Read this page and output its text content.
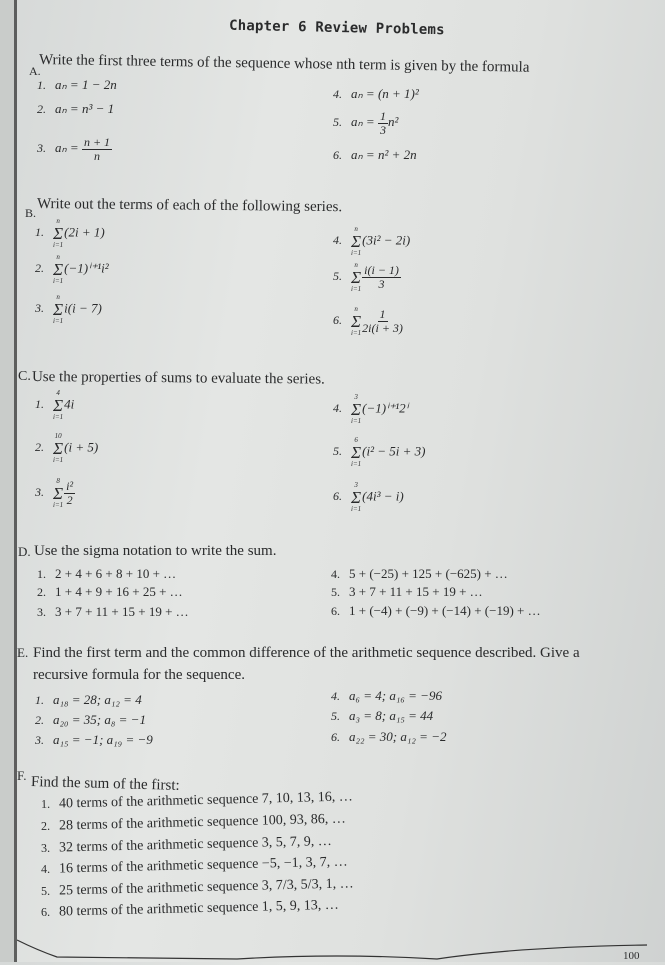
Chapter 6 Review Problems
A.
Write the first three terms of the sequence whose nth term is given by the formula
1. aₙ = 1 − 2n
2. aₙ = n³ − 1
3. $a_n = \frac{n + 1}{n}$
4. aₙ = (n + 1)²
5. $a_n = \frac{1}{3} n^2$
6. aₙ = n² + 2n
B. Write out the terms of each of the following series.
1.
n
Σ
i=1
(2i + 1)
2.
n
Σ
i=1
(−1)ⁱ⁺¹i²
3.
n
Σ
i=1
i(i − 7)
4.
n
Σ
i=1
(3i² − 2i)
5.
n
Σ
$i=1 \frac{i(i - 1)}{3}$
6.
n
Σ
$i=1 \frac{1}{2i(i + 3)}$
C. Use the properties of sums to evaluate the series.
1.
4
Σ
i=1
4i
2.
10
Σ
i=1
(i + 5)
3.
8
Σ
$i=1 \frac{\text{i²}}{2}$
4.
3
Σ
i=1
(−1)ⁱ⁺¹2ⁱ
5.
6
Σ
i=1
(i² − 5i + 3)
6.
3
Σ
i=1
(4i³ − i)
D. Use the sigma notation to write the sum.
1. 2 + 4 + 6 + 8 + 10 + …
2. 1 + 4 + 9 + 16 + 25 + …
3. 3 + 7 + 11 + 15 + 19 + …
4. 5 + (−25) + 125 + (−625) + …
5. 3 + 7 + 11 + 15 + 19 + …
6. 1 + (−4) + (−9) + (−14) + (−19) + …
E. Find the first term and the common difference of the arithmetic sequence described. Give a
recursive formula for the sequence.
1. a₁₈ = 28; a₁₂ = 4
2. a₂₀ = 35; a₈ = −1
3. a₁₅ = −1; a₁₉ = −9
4. a₆ = 4; a₁₆ = −96
5. a₃ = 8; a₁₅ = 44
6. a₂₂ = 30; a₁₂ = −2
F. Find the sum of the first:
1. 40 terms of the arithmetic sequence 7, 10, 13, 16, …
2. 28 terms of the arithmetic sequence 100, 93, 86, …
3. 32 terms of the arithmetic sequence 3, 5, 7, 9, …
4. 16 terms of the arithmetic sequence −5, −1, 3, 7, …
5. 25 terms of the arithmetic sequence 3, 7/3, 5/3, 1, …
6. 80 terms of the arithmetic sequence 1, 5, 9, 13, …
100
